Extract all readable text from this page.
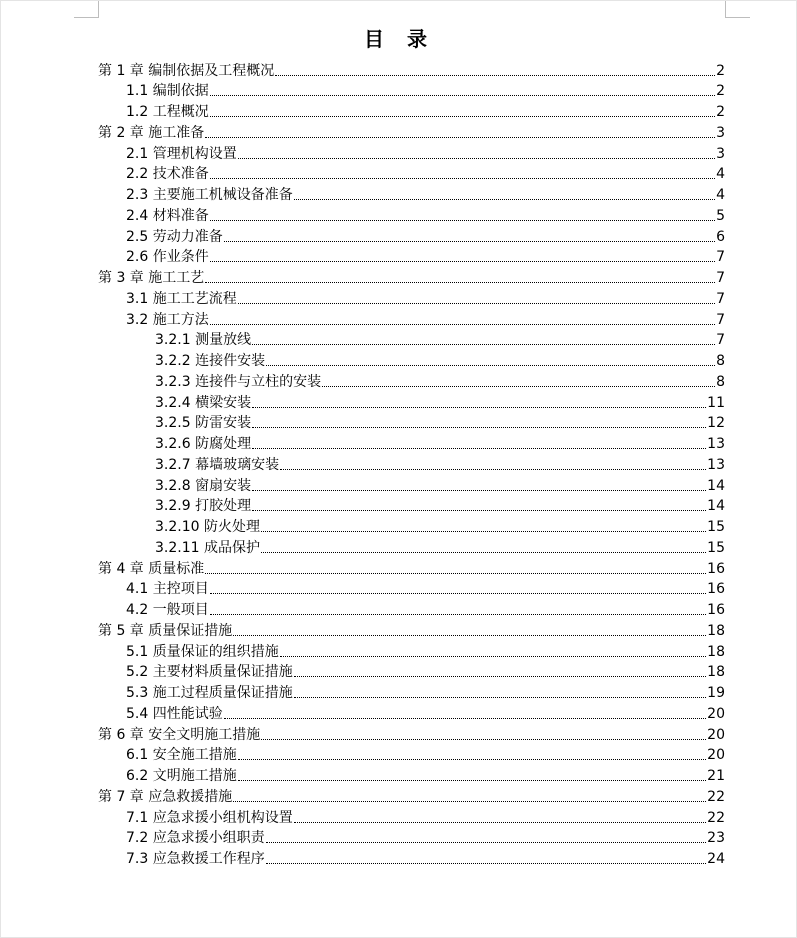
目 录
第 1 章 编制依据及工程概况	2
1.1 编制依据	2
1.2 工程概况	2
第 2 章 施工准备	3
2.1 管理机构设置	3
2.2 技术准备	4
2.3 主要施工机械设备准备	4
2.4 材料准备	5
2.5 劳动力准备	6
2.6 作业条件	7
第 3 章 施工工艺	7
3.1 施工工艺流程	7
3.2 施工方法	7
3.2.1 测量放线	7
3.2.2 连接件安装	8
3.2.3 连接件与立柱的安装	8
3.2.4 横梁安装	11
3.2.5 防雷安装	12
3.2.6 防腐处理	13
3.2.7 幕墙玻璃安装	13
3.2.8 窗扇安装	14
3.2.9 打胶处理	14
3.2.10 防火处理	15
3.2.11 成品保护	15
第 4 章 质量标准	16
4.1 主控项目	16
4.2 一般项目	16
第 5 章 质量保证措施	18
5.1 质量保证的组织措施	18
5.2 主要材料质量保证措施	18
5.3 施工过程质量保证措施	19
5.4 四性能试验	20
第 6 章 安全文明施工措施	20
6.1 安全施工措施	20
6.2 文明施工措施	21
第 7 章 应急救援措施	22
7.1 应急求援小组机构设置	22
7.2 应急求援小组职责	23
7.3 应急救援工作程序	24
